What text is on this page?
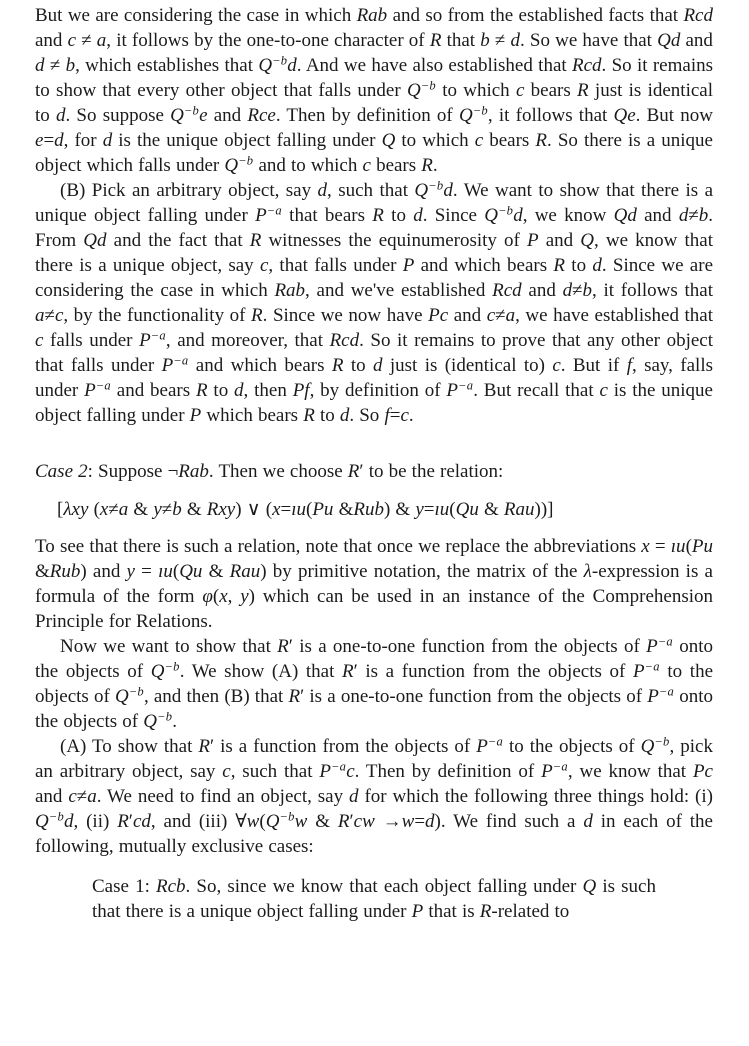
But we are considering the case in which Rab and so from the established facts that Rcd and c ≠ a, it follows by the one-to-one character of R that b ≠ d. So we have that Qd and d ≠ b, which establishes that $Q^{-b}d$. And we have also established that Rcd. So it remains to show that every other object that falls under $Q^{-b}$ to which c bears R just is identical to d. So suppose $Q^{-b}e$ and Rce. Then by definition of $Q^{-b}$, it follows that Qe. But now e=d, for d is the unique object falling under Q to which c bears R. So there is a unique object which falls under $Q^{-b}$ and to which c bears R.

(B) Pick an arbitrary object, say d, such that $Q^{-b}d$. We want to show that there is a unique object falling under $P^{-a}$ that bears R to d. Since $Q^{-b}d$, we know Qd and d≠b. From Qd and the fact that R witnesses the equinumerosity of P and Q, we know that there is a unique object, say c, that falls under P and which bears R to d. Since we are considering the case in which Rab, and we've established Rcd and d≠b, it follows that a≠c, by the functionality of R. Since we now have Pc and c≠a, we have established that c falls under $P^{-a}$, and moreover, that Rcd. So it remains to prove that any other object that falls under $P^{-a}$ and which bears R to d just is (identical to) c. But if f, say, falls under $P^{-a}$ and bears R to d, then Pf, by definition of $P^{-a}$. But recall that c is the unique object falling under P which bears R to d. So f=c.

Case 2: Suppose ¬Rab. Then we choose R′ to be the relation:

[λxy (x≠a & y≠b & Rxy) ∨ (x=ıu(Pu &Rub) & y=ıu(Qu & Rau))]

To see that there is such a relation, note that once we replace the abbreviations x = ıu(Pu &Rub) and y = ıu(Qu & Rau) by primitive notation, the matrix of the λ-expression is a formula of the form φ(x, y) which can be used in an instance of the Comprehension Principle for Relations.

Now we want to show that R′ is a one-to-one function from the objects of $P^{-a}$ onto the objects of $Q^{-b}$. We show (A) that R′ is a function from the objects of $P^{-a}$ to the objects of $Q^{-b}$, and then (B) that R′ is a one-to-one function from the objects of $P^{-a}$ onto the objects of $Q^{-b}$.

(A) To show that R′ is a function from the objects of $P^{-a}$ to the objects of $Q^{-b}$, pick an arbitrary object, say c, such that $P^{-a}c$. Then by definition of $P^{-a}$, we know that Pc and c≠a. We need to find an object, say d for which the following three things hold: (i) $Q^{-b}d$, (ii) R′cd, and (iii) $\forall w(Q^{-b}w$ & R′cw →w=d). We find such a d in each of the following, mutually exclusive cases:

Case 1: Rcb. So, since we know that each object falling under Q is such that there is a unique object falling under P that is R-related to
